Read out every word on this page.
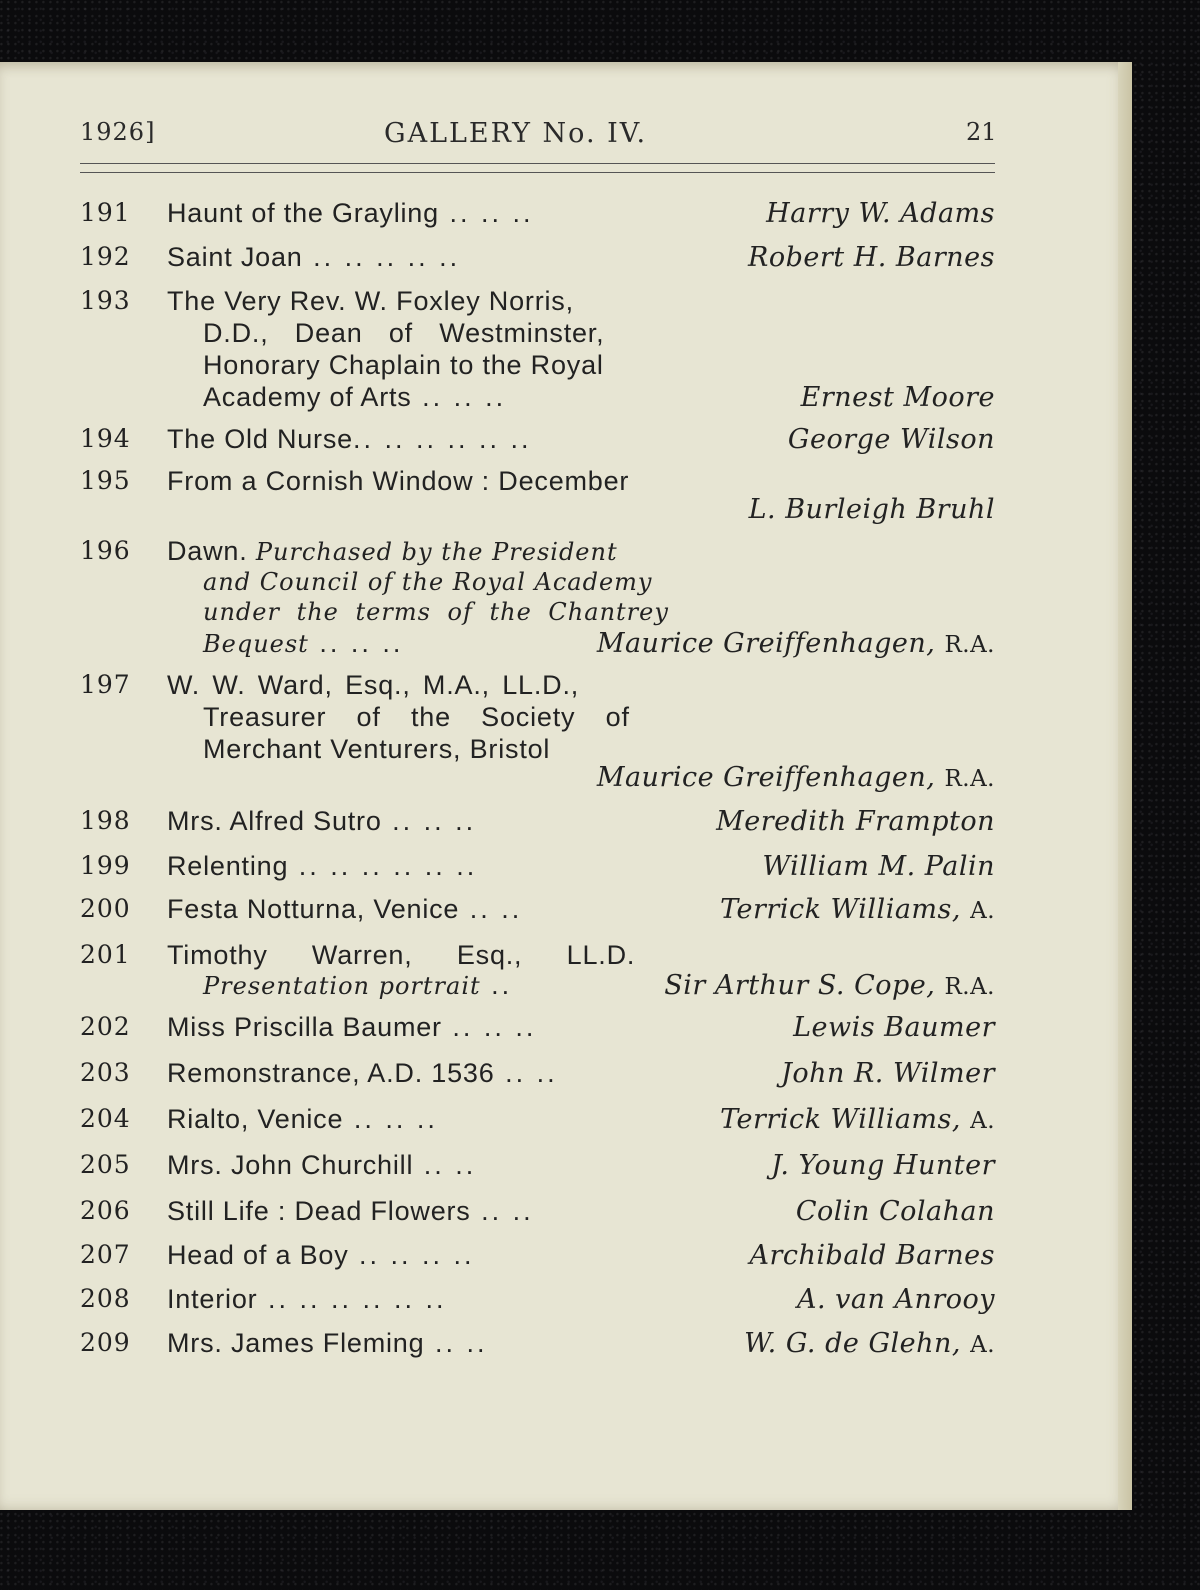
1926]	GALLERY No. IV.	21
191 Haunt of the Grayling .. .. ..	Harry W. Adams
192 Saint Joan .. .. .. .. ..	Robert H. Barnes
193 The Very Rev. W. Foxley Norris,
D.D., Dean of Westminster,
Honorary Chaplain to the Royal
Academy of Arts .. .. ..	Ernest Moore
194 The Old Nurse.. .. .. .. .. ..	George Wilson
195 From a Cornish Window : December
L. Burleigh Bruhl
196 Dawn. Purchased by the President
and Council of the Royal Academy
under the terms of the Chantrey
Bequest .. .. ..	Maurice Greiffenhagen, R.A.
197 W. W. Ward, Esq., M.A., LL.D.,
Treasurer of the Society of
Merchant Venturers, Bristol
Maurice Greiffenhagen, R.A.
198 Mrs. Alfred Sutro .. .. ..	Meredith Frampton
199 Relenting .. .. .. .. .. ..	William M. Palin
200 Festa Notturna, Venice .. ..	Terrick Williams, A.
201 Timothy Warren, Esq., LL.D.
Presentation portrait ..	Sir Arthur S. Cope, R.A.
202 Miss Priscilla Baumer .. .. ..	Lewis Baumer
203 Remonstrance, A.D. 1536 .. ..	John R. Wilmer
204 Rialto, Venice .. .. ..	Terrick Williams, A.
205 Mrs. John Churchill .. ..	J. Young Hunter
206 Still Life : Dead Flowers .. ..	Colin Colahan
207 Head of a Boy .. .. .. ..	Archibald Barnes
208 Interior .. .. .. .. .. ..	A. van Anrooy
209 Mrs. James Fleming .. ..	W. G. de Glehn, A.
